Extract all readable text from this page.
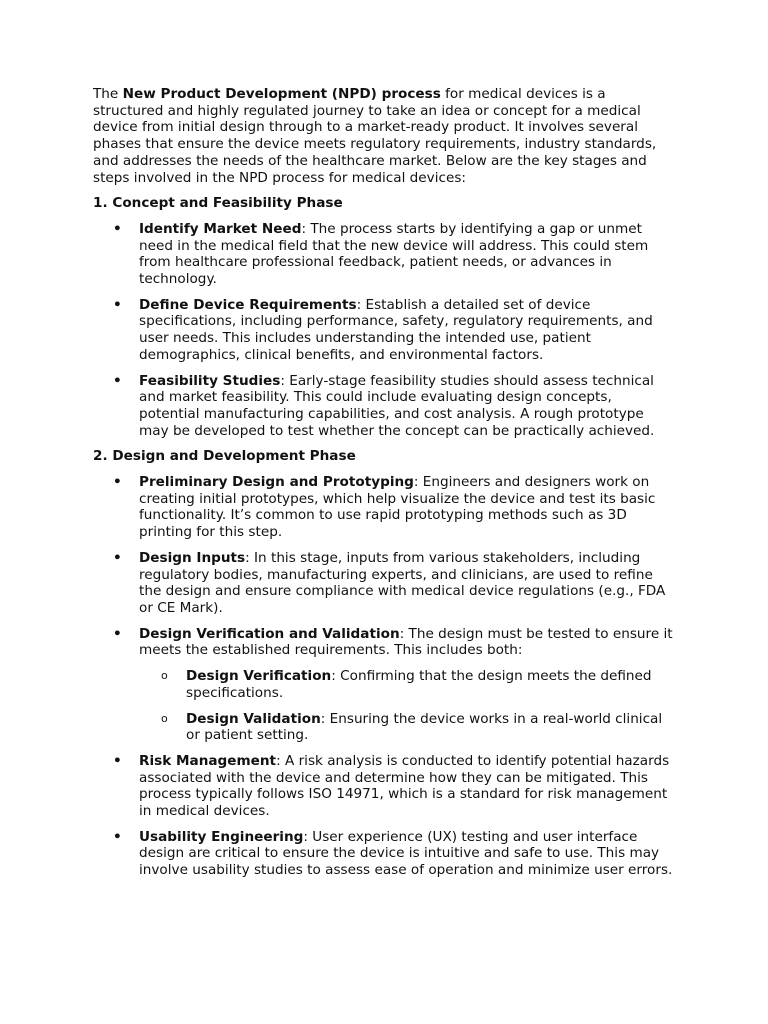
The New Product Development (NPD) process for medical devices is a structured and highly regulated journey to take an idea or concept for a medical device from initial design through to a market-ready product. It involves several phases that ensure the device meets regulatory requirements, industry standards, and addresses the needs of the healthcare market. Below are the key stages and steps involved in the NPD process for medical devices:

1. Concept and Feasibility Phase

• Identify Market Need: The process starts by identifying a gap or unmet need in the medical field that the new device will address. This could stem from healthcare professional feedback, patient needs, or advances in technology.
• Define Device Requirements: Establish a detailed set of device specifications, including performance, safety, regulatory requirements, and user needs. This includes understanding the intended use, patient demographics, clinical benefits, and environmental factors.
• Feasibility Studies: Early-stage feasibility studies should assess technical and market feasibility. This could include evaluating design concepts, potential manufacturing capabilities, and cost analysis. A rough prototype may be developed to test whether the concept can be practically achieved.

2. Design and Development Phase

• Preliminary Design and Prototyping: Engineers and designers work on creating initial prototypes, which help visualize the device and test its basic functionality. It’s common to use rapid prototyping methods such as 3D printing for this step.
• Design Inputs: In this stage, inputs from various stakeholders, including regulatory bodies, manufacturing experts, and clinicians, are used to refine the design and ensure compliance with medical device regulations (e.g., FDA or CE Mark).
• Design Verification and Validation: The design must be tested to ensure it meets the established requirements. This includes both:
o Design Verification: Confirming that the design meets the defined specifications.
o Design Validation: Ensuring the device works in a real-world clinical or patient setting.
• Risk Management: A risk analysis is conducted to identify potential hazards associated with the device and determine how they can be mitigated. This process typically follows ISO 14971, which is a standard for risk management in medical devices.
• Usability Engineering: User experience (UX) testing and user interface design are critical to ensure the device is intuitive and safe to use. This may involve usability studies to assess ease of operation and minimize user errors.
